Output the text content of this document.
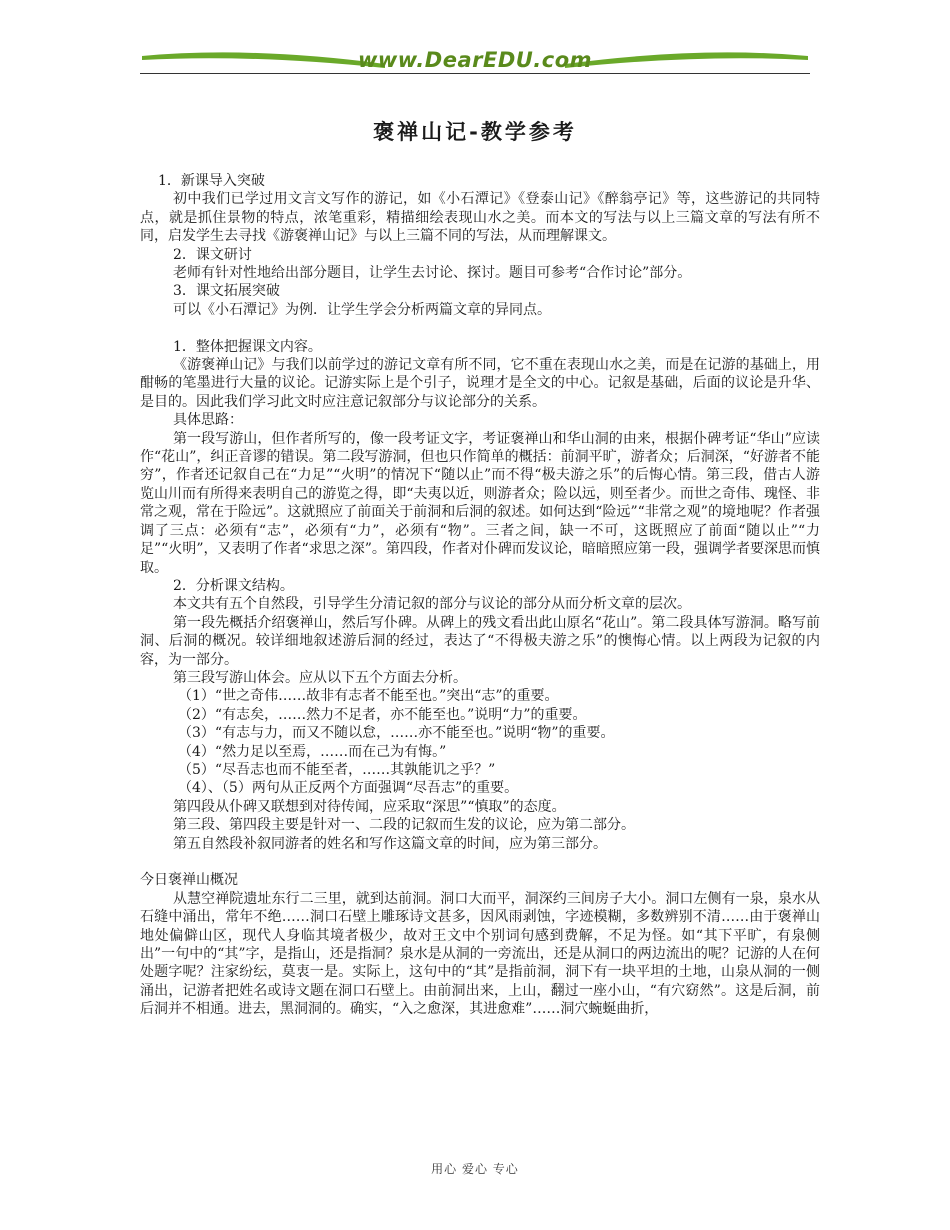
www.DearEDU.com
褒禅山记-教学参考

1．新课导入突破

初中我们已学过用文言文写作的游记，如《小石潭记》《登泰山记》《醉翁亭记》等，这些游记的共同特点，就是抓住景物的特点，浓笔重彩，精描细绘表现山水之美。而本文的写法与以上三篇文章的写法有所不同，启发学生去寻找《游褒禅山记》与以上三篇不同的写法，从而理解课文。

2．课文研讨

老师有针对性地给出部分题目，让学生去讨论、探讨。题目可参考“合作讨论”部分。

3．课文拓展突破

可以《小石潭记》为例．让学生学会分析两篇文章的异同点。

1．整体把握课文内容。

《游褒禅山记》与我们以前学过的游记文章有所不同，它不重在表现山水之美，而是在记游的基础上，用酣畅的笔墨进行大量的议论。记游实际上是个引子，说理才是全文的中心。记叙是基础，后面的议论是升华、是目的。因此我们学习此文时应注意记叙部分与议论部分的关系。

具体思路：

第一段写游山，但作者所写的，像一段考证文字，考证褒禅山和华山洞的由来，根据仆碑考证“华山”应读作“花山”，纠正音谬的错误。第二段写游洞，但也只作简单的概括：前洞平旷，游者众；后洞深，“好游者不能穷”，作者还记叙自己在“力足”“火明”的情况下“随以止”而不得“极夫游之乐”的后悔心情。第三段，借古人游览山川而有所得来表明自己的游览之得，即“夫夷以近，则游者众；险以远，则至者少。而世之奇伟、瑰怪、非常之观，常在于险远”。这就照应了前面关于前洞和后洞的叙述。如何达到“险远”“非常之观”的境地呢？作者强调了三点：必须有“志”，必须有“力”，必须有“物”。三者之间，缺一不可，这既照应了前面“随以止”“力足”“火明”，又表明了作者“求思之深”。第四段，作者对仆碑而发议论，暗暗照应第一段，强调学者要深思而慎取。

2．分析课文结构。

本文共有五个自然段，引导学生分清记叙的部分与议论的部分从而分析文章的层次。

第一段先概括介绍褒禅山，然后写仆碑。从碑上的残文看出此山原名“花山”。第二段具体写游洞。略写前洞、后洞的概况。较详细地叙述游后洞的经过，表达了“不得极夫游之乐”的懊悔心情。以上两段为记叙的内容，为一部分。

第三段写游山体会。应从以下五个方面去分析。

（1）“世之奇伟……故非有志者不能至也。”突出“志”的重要。

（2）“有志矣，……然力不足者，亦不能至也。”说明“力”的重要。

（3）“有志与力，而又不随以怠，……亦不能至也。”说明“物”的重要。

（4）“然力足以至焉，……而在己为有悔。”

（5）“尽吾志也而不能至者，……其孰能讥之乎？”

（4）、（5）两句从正反两个方面强调“尽吾志”的重要。

第四段从仆碑又联想到对待传闻，应采取“深思”“慎取”的态度。

第三段、第四段主要是针对一、二段的记叙而生发的议论，应为第二部分。

第五自然段补叙同游者的姓名和写作这篇文章的时间，应为第三部分。

今日褒禅山概况

从慧空禅院遗址东行二三里，就到达前洞。洞口大而平，洞深约三间房子大小。洞口左侧有一泉，泉水从石缝中涌出，常年不绝……洞口石壁上雕琢诗文甚多，因风雨剥蚀，字迹模糊，多数辨别不清……由于褒禅山地处偏僻山区，现代人身临其境者极少，故对王文中个别词句感到费解，不足为怪。如“其下平旷，有泉侧出”一句中的“其”字，是指山，还是指洞？泉水是从洞的一旁流出，还是从洞口的两边流出的呢？记游的人在何处题字呢？注家纷纭，莫衷一是。实际上，这句中的“其”是指前洞，洞下有一块平坦的土地，山泉从洞的一侧涌出，记游者把姓名或诗文题在洞口石壁上。由前洞出来，上山，翻过一座小山，“有穴窈然”。这是后洞，前后洞并不相通。进去，黑洞洞的。确实，“入之愈深，其进愈难”……洞穴蜿蜒曲折，

用心 爱心 专心
